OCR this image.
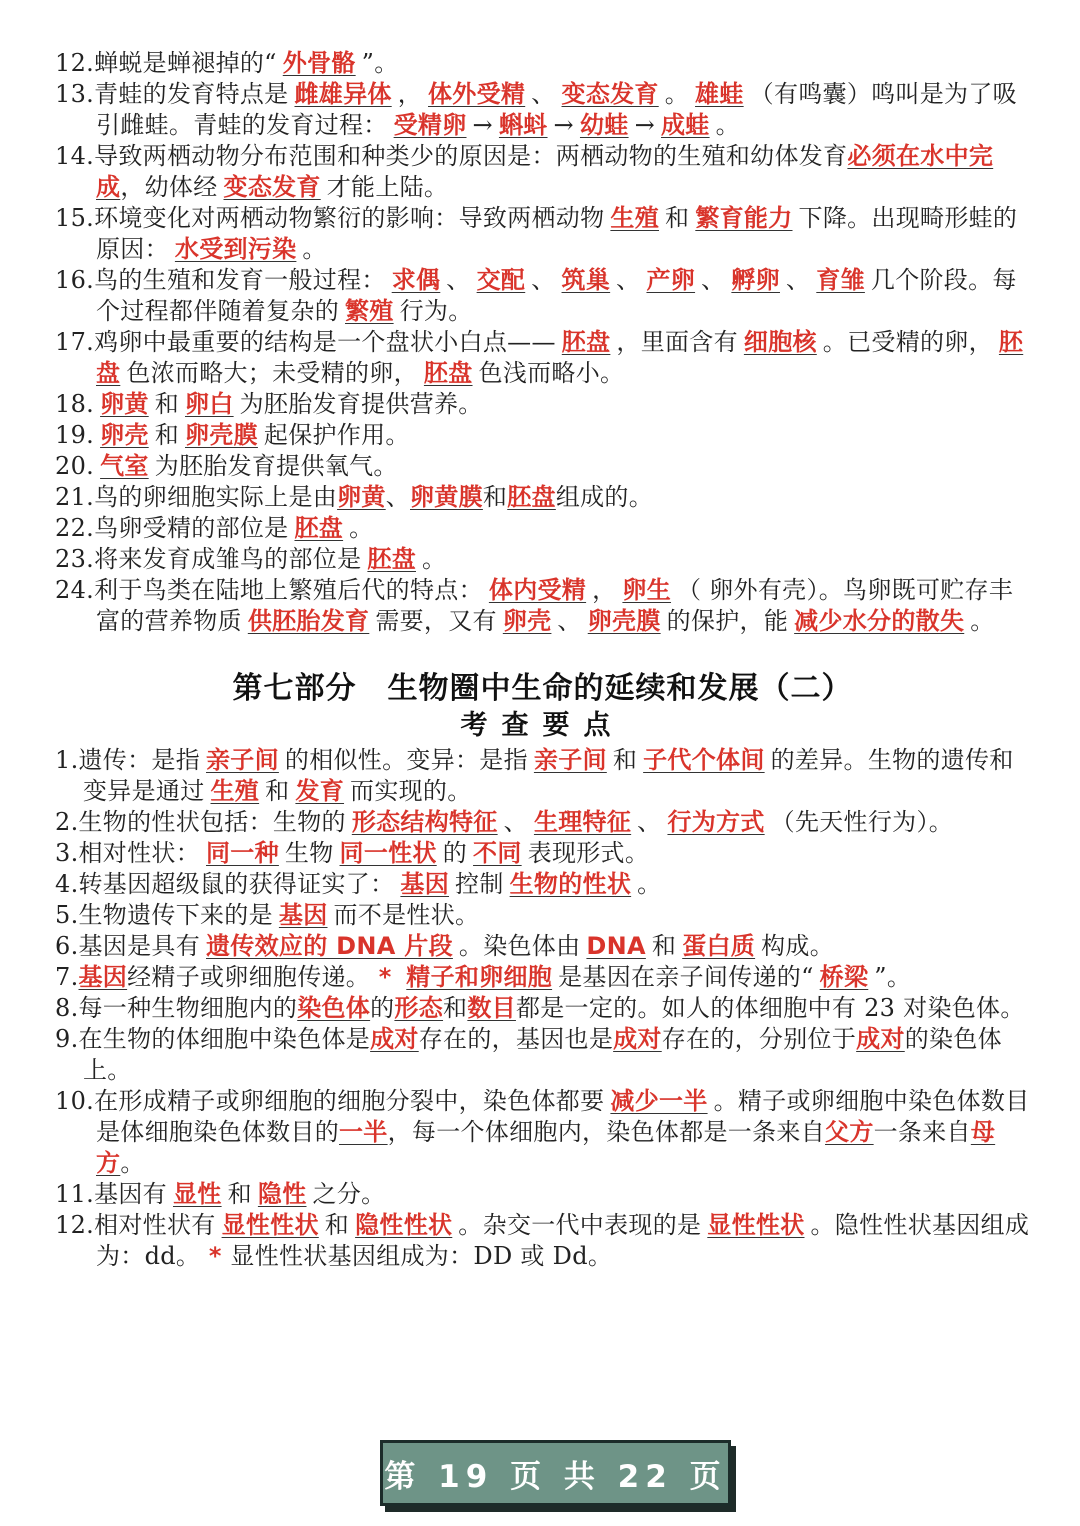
12.蝉蜕是蝉褪掉的“ 外骨骼 ”。

13.青蛙的发育特点是 雌雄异体 ， 体外受精 、 变态发育 。 雄蛙 （有鸣囊）鸣叫是为了吸引雌蛙。青蛙的发育过程： 受精卵 → 蝌蚪 → 幼蛙 → 成蛙 。

14.导致两栖动物分布范围和种类少的原因是：两栖动物的生殖和幼体发育必须在水中完成，幼体经 变态发育 才能上陆。

15.环境变化对两栖动物繁衍的影响：导致两栖动物 生殖 和 繁育能力 下降。出现畸形蛙的原因： 水受到污染 。

16.鸟的生殖和发育一般过程： 求偶 、 交配 、 筑巢 、 产卵 、 孵卵 、 育雏 几个阶段。每个过程都伴随着复杂的 繁殖 行为。

17.鸡卵中最重要的结构是一个盘状小白点—— 胚盘 ，里面含有 细胞核 。已受精的卵， 胚盘 色浓而略大；未受精的卵， 胚盘 色浅而略小。

18. 卵黄 和 卵白 为胚胎发育提供营养。

19. 卵壳 和 卵壳膜 起保护作用。

20. 气室 为胚胎发育提供氧气。

21.鸟的卵细胞实际上是由卵黄、卵黄膜和胚盘组成的。

22.鸟卵受精的部位是 胚盘 。

23.将来发育成雏鸟的部位是 胚盘 。

24.利于鸟类在陆地上繁殖后代的特点： 体内受精 ， 卵生 （ 卵外有壳）。鸟卵既可贮存丰富的营养物质 供胚胎发育 需要，又有 卵壳 、 卵壳膜 的保护，能 减少水分的散失 。

第七部分　生物圈中生命的延续和发展（二）
考查要点

1.遗传：是指 亲子间 的相似性。变异：是指 亲子间 和 子代个体间 的差异。生物的遗传和变异是通过 生殖 和 发育 而实现的。

2.生物的性状包括：生物的 形态结构特征 、 生理特征 、 行为方式 （先天性行为）。

3.相对性状： 同一种 生物 同一性状 的 不同 表现形式。

4.转基因超级鼠的获得证实了： 基因 控制 生物的性状 。

5.生物遗传下来的是 基因 而不是性状。

6.基因是具有 遗传效应的 DNA 片段 。染色体由 DNA 和 蛋白质 构成。

7.基因经精子或卵细胞传递。 * 精子和卵细胞 是基因在亲子间传递的“ 桥梁 ”。

8.每一种生物细胞内的染色体的形态和数目都是一定的。如人的体细胞中有 23 对染色体。

9.在生物的体细胞中染色体是成对存在的，基因也是成对存在的，分别位于成对的染色体上。

10.在形成精子或卵细胞的细胞分裂中，染色体都要 减少一半 。精子或卵细胞中染色体数目是体细胞染色体数目的一半，每一个体细胞内，染色体都是一条来自父方一条来自母方。

11.基因有 显性 和 隐性 之分。

12.相对性状有 显性性状 和 隐性性状 。杂交一代中表现的是 显性性状 。隐性性状基因组成为：dd。 * 显性性状基因组成为：DD 或 Dd。

第 19 页 共 22 页
